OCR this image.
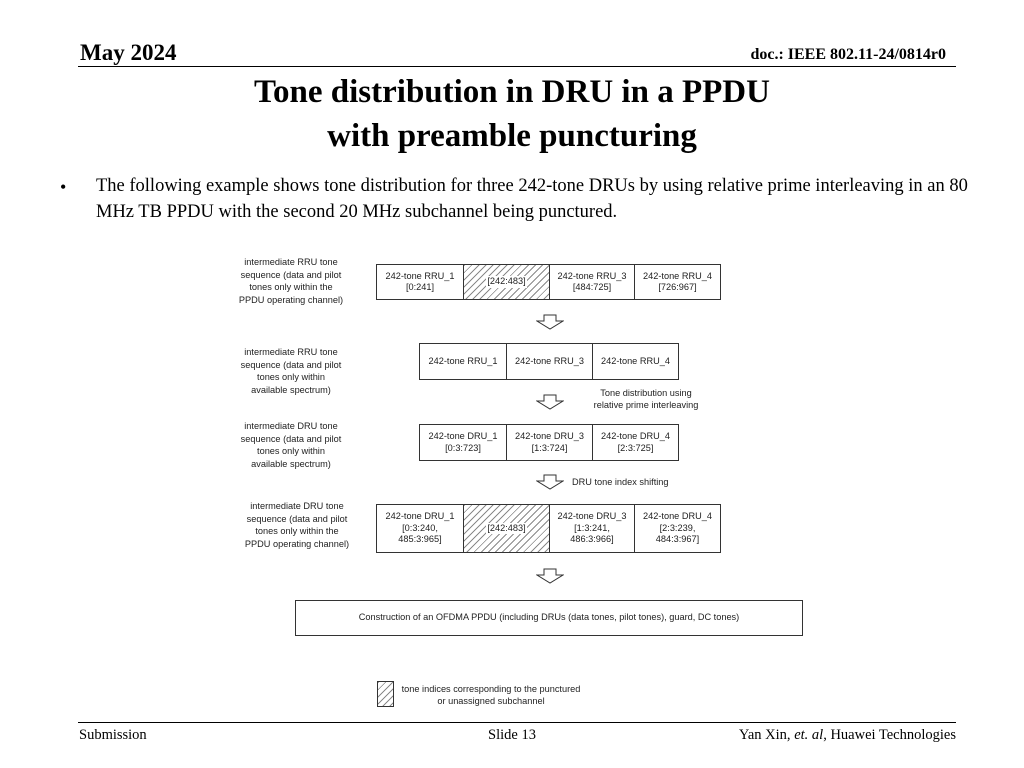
May 2024	doc.: IEEE 802.11-24/0814r0
Tone distribution in DRU in a PPDU
with preamble puncturing
• The following example shows tone distribution for three 242-tone DRUs by using relative prime interleaving in an 80 MHz TB PPDU with the second 20 MHz subchannel being punctured.
intermediate RRU tone sequence (data and pilot tones only within the PPDU operating channel)
242-tone RRU_1
[0:241]
[242:483]
242-tone RRU_3
[484:725]
242-tone RRU_4
[726:967]
intermediate RRU tone sequence (data and pilot tones only within available spectrum)
242-tone RRU_1 242-tone RRU_3 242-tone RRU_4
Tone distribution using relative prime interleaving
intermediate DRU tone sequence (data and pilot tones only within available spectrum)
242-tone DRU_1
[0:3:723]
242-tone DRU_3
[1:3:724]
242-tone DRU_4
[2:3:725]
DRU tone index shifting
intermediate DRU tone sequence (data and pilot tones only within the PPDU operating channel)
242-tone DRU_1
[0:3:240,
485:3:965]
[242:483]
242-tone DRU_3
[1:3:241,
486:3:966]
242-tone DRU_4
[2:3:239,
484:3:967]
Construction of an OFDMA PPDU (including DRUs (data tones, pilot tones), guard, DC tones)
tone indices corresponding to the punctured or unassigned subchannel
Submission	Slide 13	Yan Xin, et. al, Huawei Technologies
